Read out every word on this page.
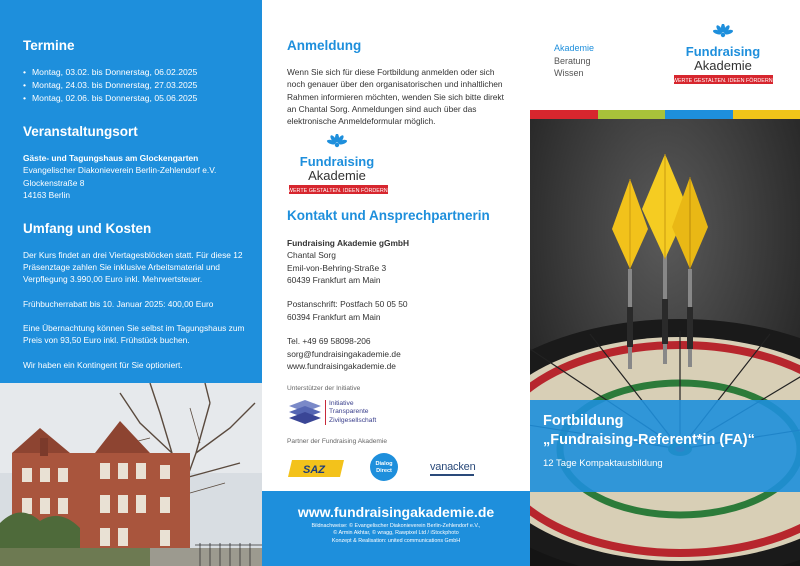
Termine
• Montag, 03.02. bis Donnerstag, 06.02.2025
• Montag, 24.03. bis Donnerstag, 27.03.2025
• Montag, 02.06. bis Donnerstag, 05.06.2025
Veranstaltungsort
Gäste- und Tagungshaus am Glockengarten
Evangelischer Diakonieverein Berlin-Zehlendorf e.V.
Glockenstraße 8
14163 Berlin
Umfang und Kosten

Der Kurs findet an drei Viertagesblöcken statt. Für diese 12 Präsenztage zahlen Sie inklusive Arbeitsmaterial und Verpflegung 3.990,00 Euro inkl. Mehrwertsteuer.

Frühbucherrabatt bis 10. Januar 2025: 400,00 Euro

Eine Übernachtung können Sie selbst im Tagungshaus zum Preis von 93,50 Euro inkl. Frühstück buchen.

Wir haben ein Kontingent für Sie optioniert.

Anmeldung
Wenn Sie sich für diese Fortbildung anmelden oder sich noch genauer über den organisatorischen und inhaltlichen Rahmen informieren möchten, wenden Sie sich bitte direkt an Chantal Sorg. Anmeldungen sind auch über das elektronische Anmeldeformular möglich.
Fundraising
Akademie
WERTE GESTALTEN. IDEEN FÖRDERN.
Kontakt und Ansprechpartnerin
Fundraising Akademie gGmbH
Chantal Sorg
Emil-von-Behring-Straße 3
60439 Frankfurt am Main
Postanschrift: Postfach 50 05 50
60394 Frankfurt am Main
Tel. +49 69 58098-206
sorg@fundraisingakademie.de
www.fundraisingakademie.de
Unterstützer der Initiative
Initiative
Transparente
Zivilgesellschaft
Partner der Fundraising Akademie
SAZ	Dialog
Direct	vanacken
www.fundraisingakademie.de
Bildnachweise: © Evangelischer Diakonieverein Berlin-Zehlendorf e.V.,
© Armin Akhtar, © wragg, Rawpixel Ltd / iStockphoto
Konzept & Realisation: united communications GmbH
Akademie
Beratung
Wissen
Fundraising
Akademie
WERTE GESTALTEN. IDEEN FÖRDERN.
Fortbildung
„Fundraising-Referent*in (FA)“
12 Tage Kompaktausbildung
